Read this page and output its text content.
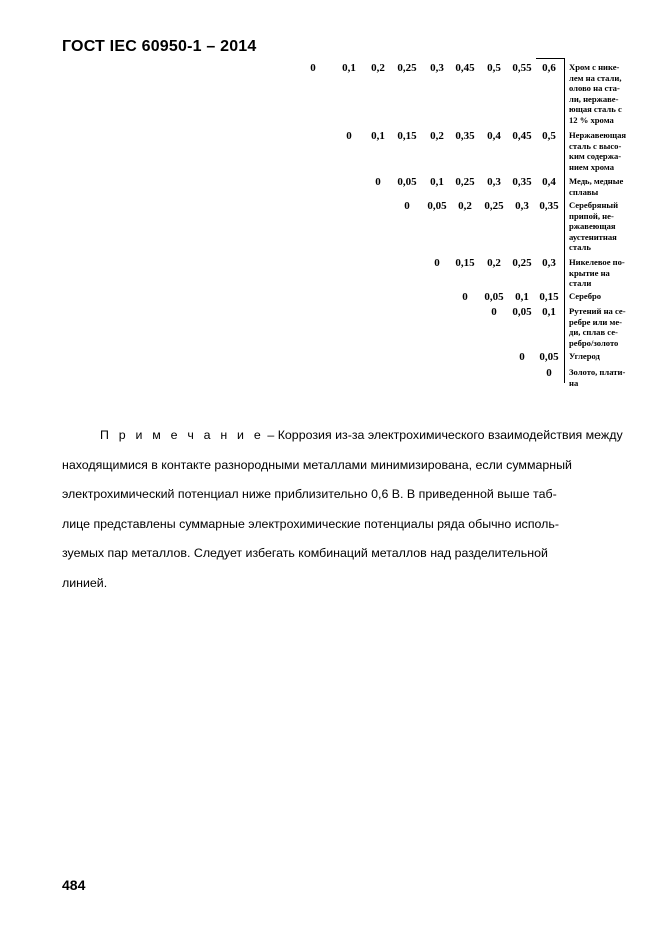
ГОСТ IEC 60950-1 – 2014
0	0,1	0,2	0,25	0,3	0,45	0,5	0,55 0,6	Хром с нике-
лем на стали,
олово на ста-
ли, нержаве-
ющая сталь с
12 % хрома
0	0,1	0,15	0,2	0,35	0,4	0,45 0,5	Нержавеющая
сталь с высо-
ким содержа-
нием хрома
0	0,05	0,1	0,25	0,3	0,35 0,4	Медь, медные
сплавы
0	0,05	0,2	0,25	0,3 0,35	Серебряный
припой, не-
ржавеющая
аустенитная
сталь
0	0,15	0,2	0,25 0,3	Никелевое по-
крытие на
стали
0	0,05	0,1 0,15	Серебро
0	0,05 0,1	Рутений на се-
ребре или ме-
ди, сплав се-
ребро/золото
0	0,05	Углерод
0	Золото, плати-
на

П р и м е ч а н и е – Коррозия из-за электрохимического взаимодействия между
находящимися в контакте разнородными металлами минимизирована, если суммарный
электрохимический потенциал ниже приблизительно 0,6 В. В приведенной выше таб-
лице представлены суммарные электрохимические потенциалы ряда обычно исполь-
зуемых пар металлов. Следует избегать комбинаций металлов над разделительной
линией.

484
